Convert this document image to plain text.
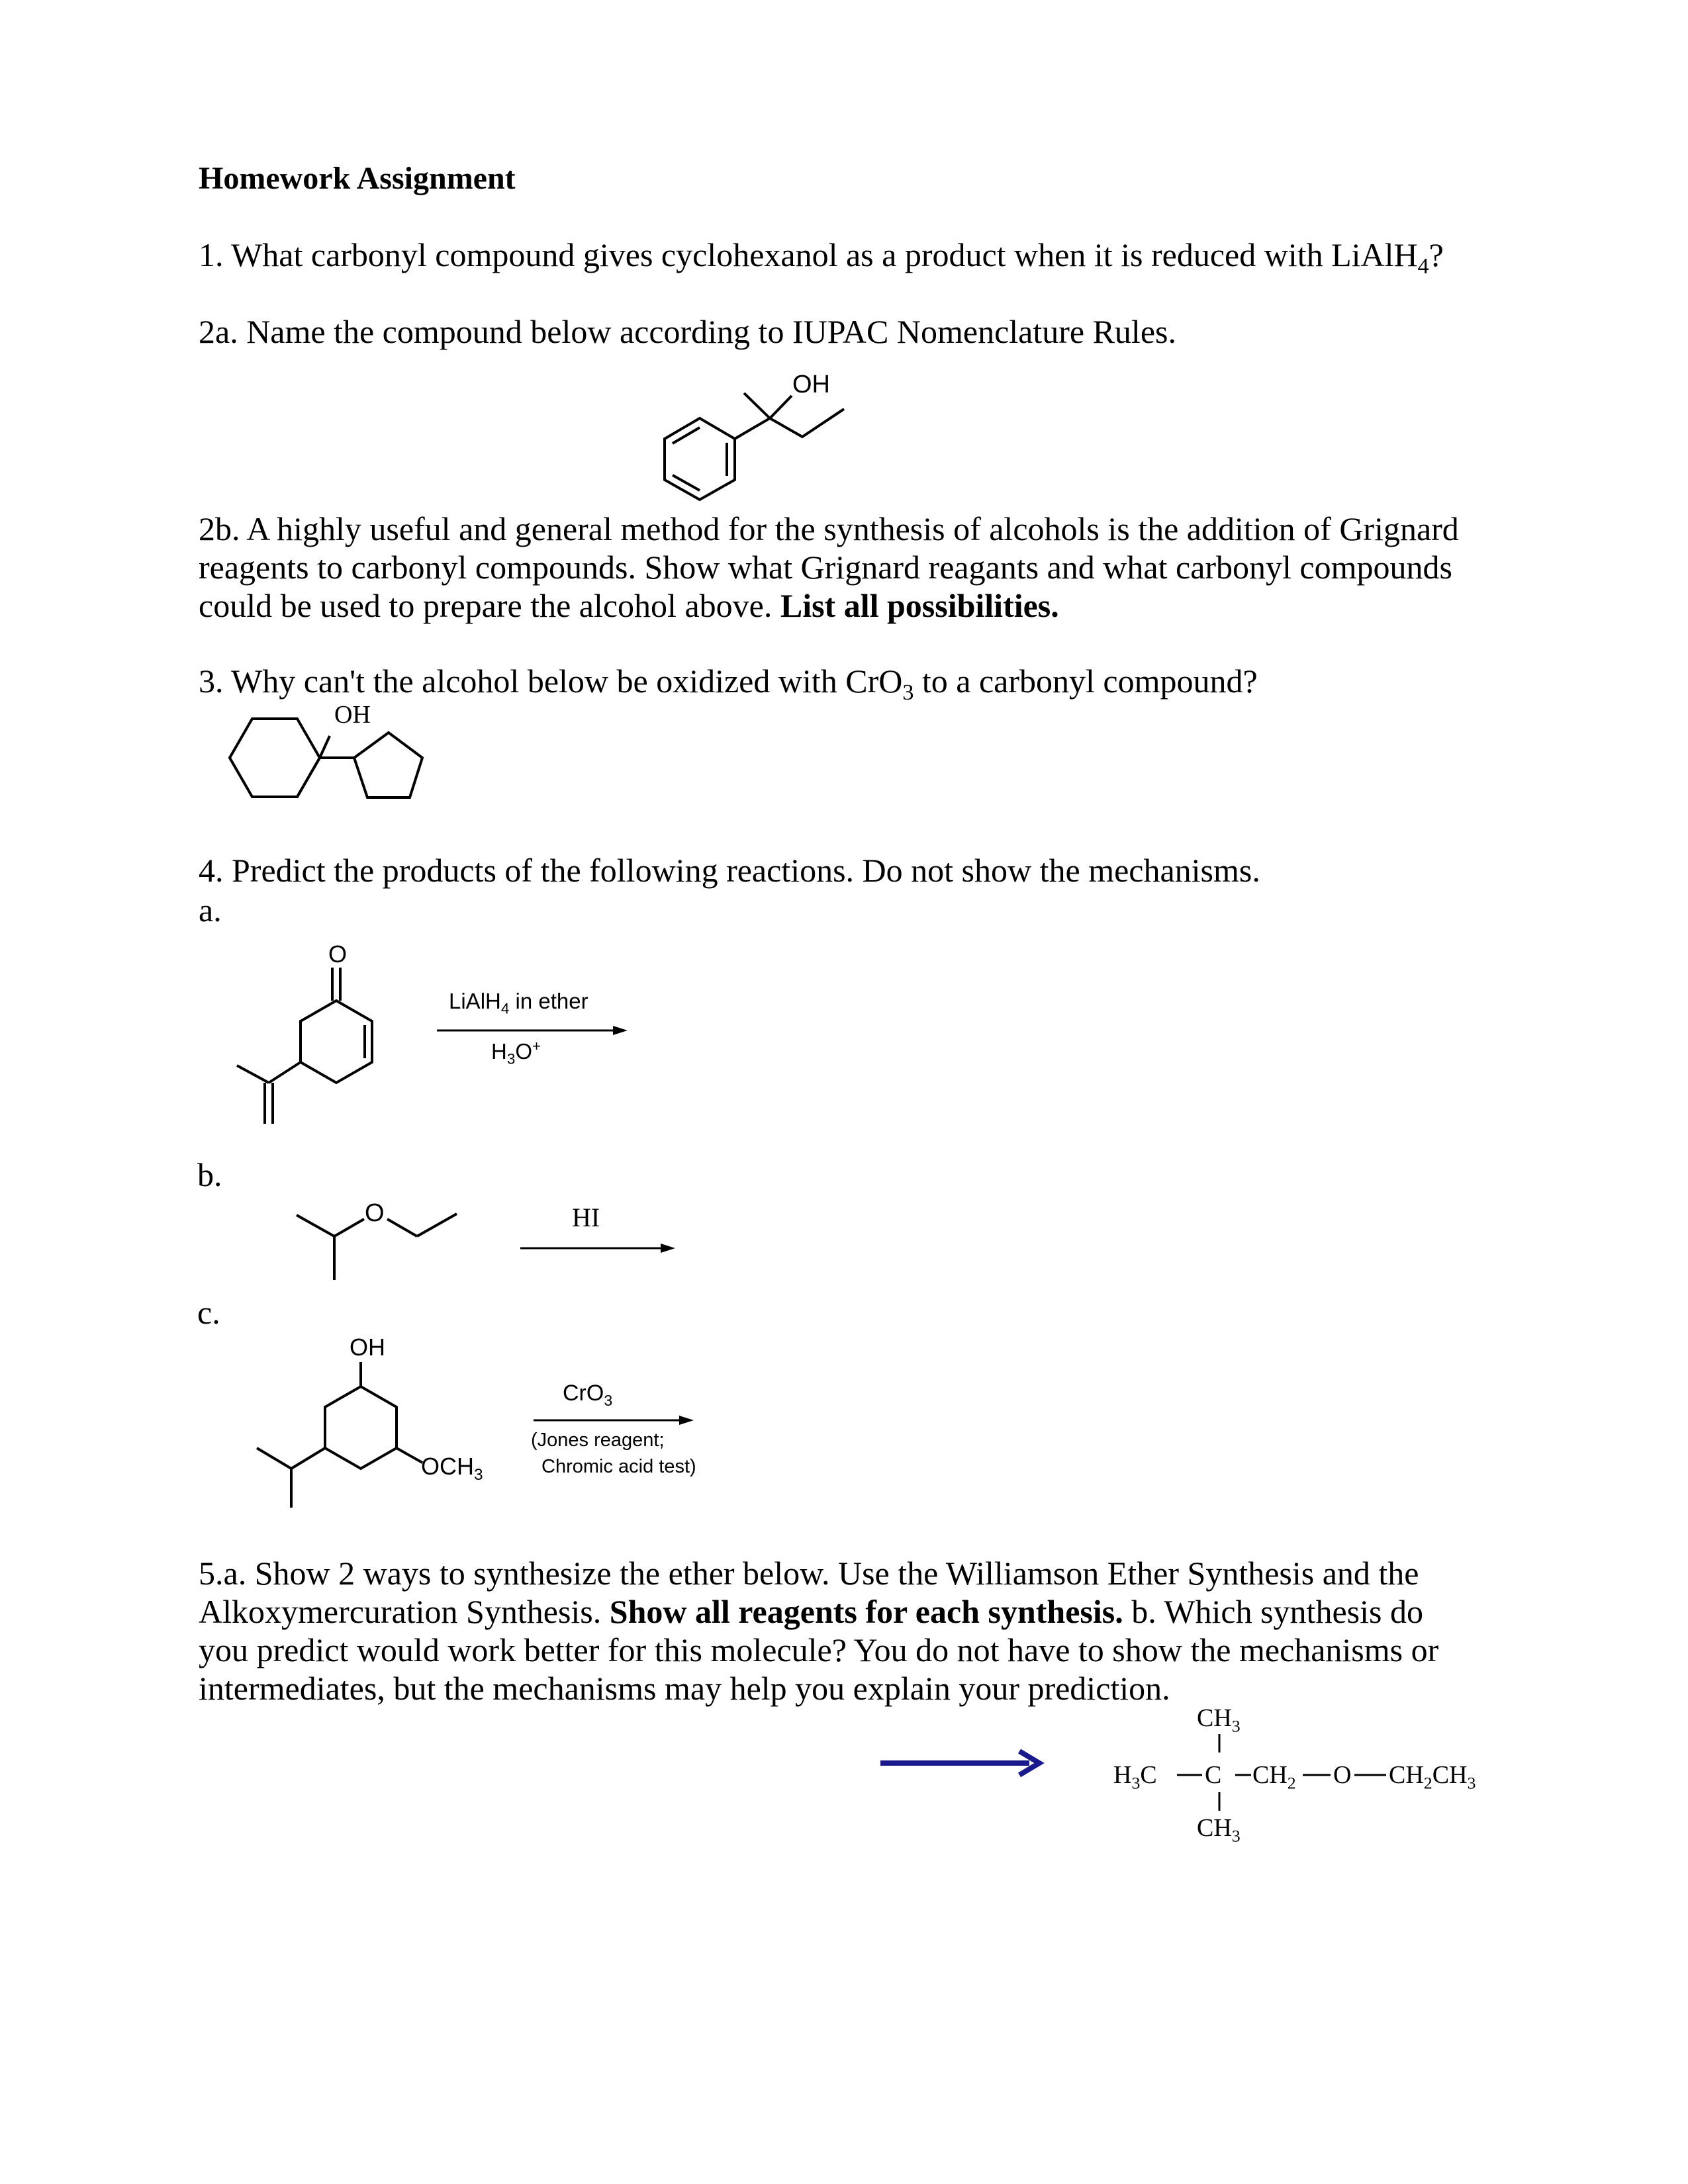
Homework Assignment
1. What carbonyl compound gives cyclohexanol as a product when it is reduced with LiAlH$_4$?
2a. Name the compound below according to IUPAC Nomenclature Rules.
OH
2b. A highly useful and general method for the synthesis of alcohols is the addition of Grignard
reagents to carbonyl compounds. Show what Grignard reagants and what carbonyl compounds
could be used to prepare the alcohol above. List all possibilities.
3. Why can't the alcohol below be oxidized with CrO$_3$ to a carbonyl compound?
OH
4. Predict the products of the following reactions. Do not show the mechanisms.
a.
O
LiAlH$_4$ in ether
$H_3O^+$
b.
O	HI
c.
OH
$OCH_3$
CrO$_3$
(Jones reagent;
Chromic acid test)
5.a. Show 2 ways to synthesize the ether below. Use the Williamson Ether Synthesis and the
Alkoxymercuration Synthesis. Show all reagents for each synthesis. b. Which synthesis do
you predict would work better for this molecule? You do not have to show the mechanisms or
intermediates, but the mechanisms may help you explain your prediction.
$CH_3$
$H_3C$ C $CH_2$ O $CH_2CH_3$
$CH_3$
